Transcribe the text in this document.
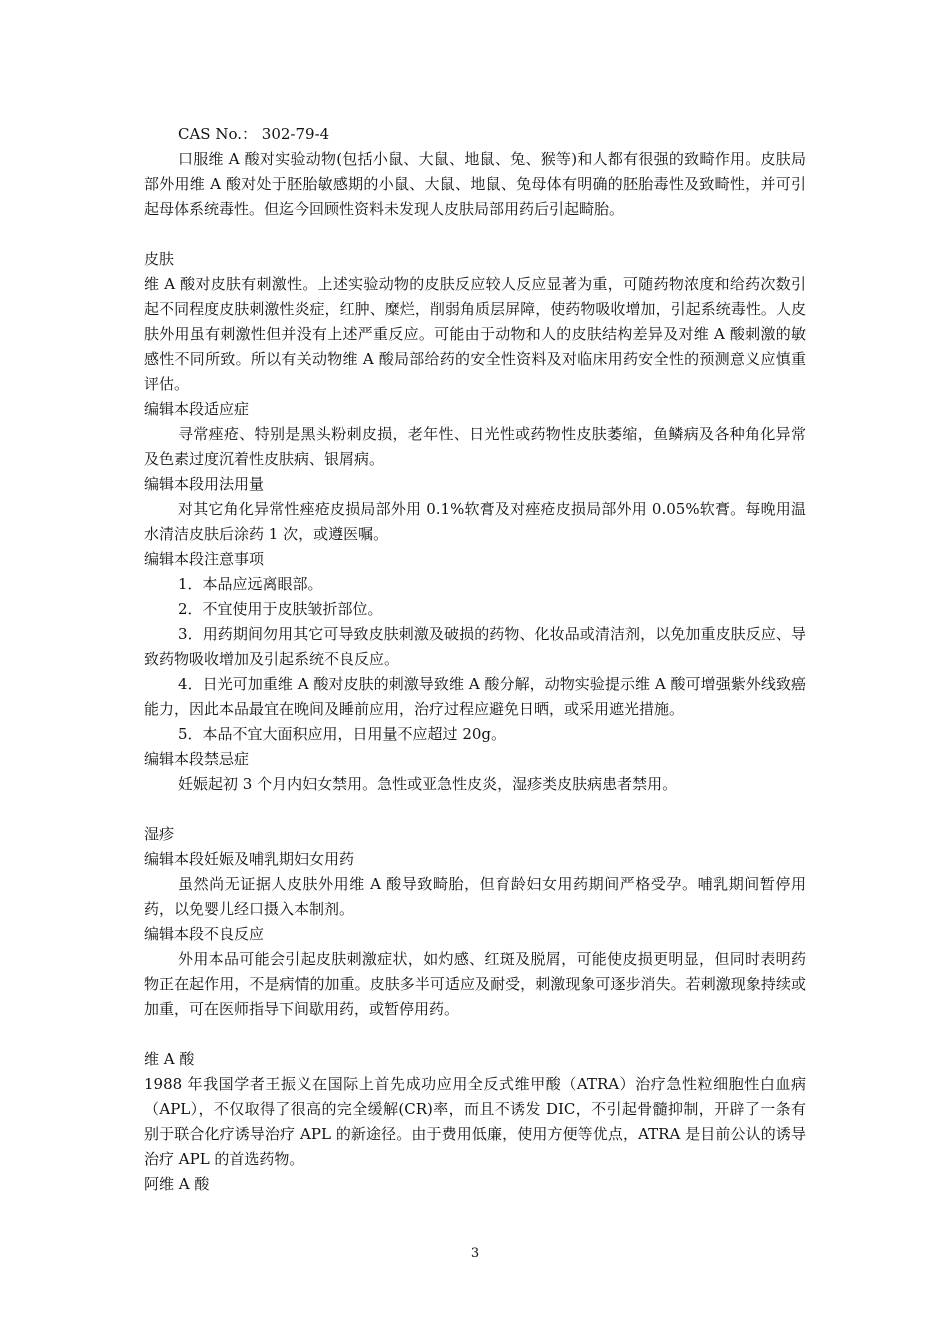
CAS No.： 302-79-4

口服维 A 酸对实验动物(包括小鼠、大鼠、地鼠、兔、猴等)和人都有很强的致畸作用。皮肤局部外用维 A 酸对处于胚胎敏感期的小鼠、大鼠、地鼠、兔母体有明确的胚胎毒性及致畸性，并可引起母体系统毒性。但迄今回顾性资料未发现人皮肤局部用药后引起畸胎。

皮肤

维 A 酸对皮肤有刺激性。上述实验动物的皮肤反应较人反应显著为重，可随药物浓度和给药次数引起不同程度皮肤刺激性炎症，红肿、糜烂，削弱角质层屏障，使药物吸收增加，引起系统毒性。人皮肤外用虽有刺激性但并没有上述严重反应。可能由于动物和人的皮肤结构差异及对维 A 酸刺激的敏感性不同所致。所以有关动物维 A 酸局部给药的安全性资料及对临床用药安全性的预测意义应慎重评估。

编辑本段适应症

寻常痤疮、特别是黑头粉刺皮损，老年性、日光性或药物性皮肤萎缩，鱼鳞病及各种角化异常及色素过度沉着性皮肤病、银屑病。

编辑本段用法用量

对其它角化异常性痤疮皮损局部外用 0.1%软膏及对痤疮皮损局部外用 0.05%软膏。每晚用温水清洁皮肤后涂药 1 次，或遵医嘱。

编辑本段注意事项

1．本品应远离眼部。

2．不宜使用于皮肤皱折部位。

3．用药期间勿用其它可导致皮肤刺激及破损的药物、化妆品或清洁剂，以免加重皮肤反应、导致药物吸收增加及引起系统不良反应。

4．日光可加重维 A 酸对皮肤的刺激导致维 A 酸分解，动物实验提示维 A 酸可增强紫外线致癌能力，因此本品最宜在晚间及睡前应用，治疗过程应避免日晒，或采用遮光措施。

5．本品不宜大面积应用，日用量不应超过 20g。

编辑本段禁忌症

妊娠起初 3 个月内妇女禁用。急性或亚急性皮炎，湿疹类皮肤病患者禁用。

湿疹

编辑本段妊娠及哺乳期妇女用药

虽然尚无证据人皮肤外用维 A 酸导致畸胎，但育龄妇女用药期间严格受孕。哺乳期间暂停用药，以免婴儿经口摄入本制剂。

编辑本段不良反应

外用本品可能会引起皮肤刺激症状，如灼感、红斑及脱屑，可能使皮损更明显，但同时表明药物正在起作用，不是病情的加重。皮肤多半可适应及耐受，刺激现象可逐步消失。若刺激现象持续或加重，可在医师指导下间歇用药，或暂停用药。

维 A 酸

1988 年我国学者王振义在国际上首先成功应用全反式维甲酸（ATRA）治疗急性粒细胞性白血病（APL），不仅取得了很高的完全缓解(CR)率，而且不诱发 DIC，不引起骨髓抑制，开辟了一条有别于联合化疗诱导治疗 APL 的新途径。由于费用低廉，使用方便等优点，ATRA 是目前公认的诱导治疗 APL 的首选药物。

阿维 A 酸

3
